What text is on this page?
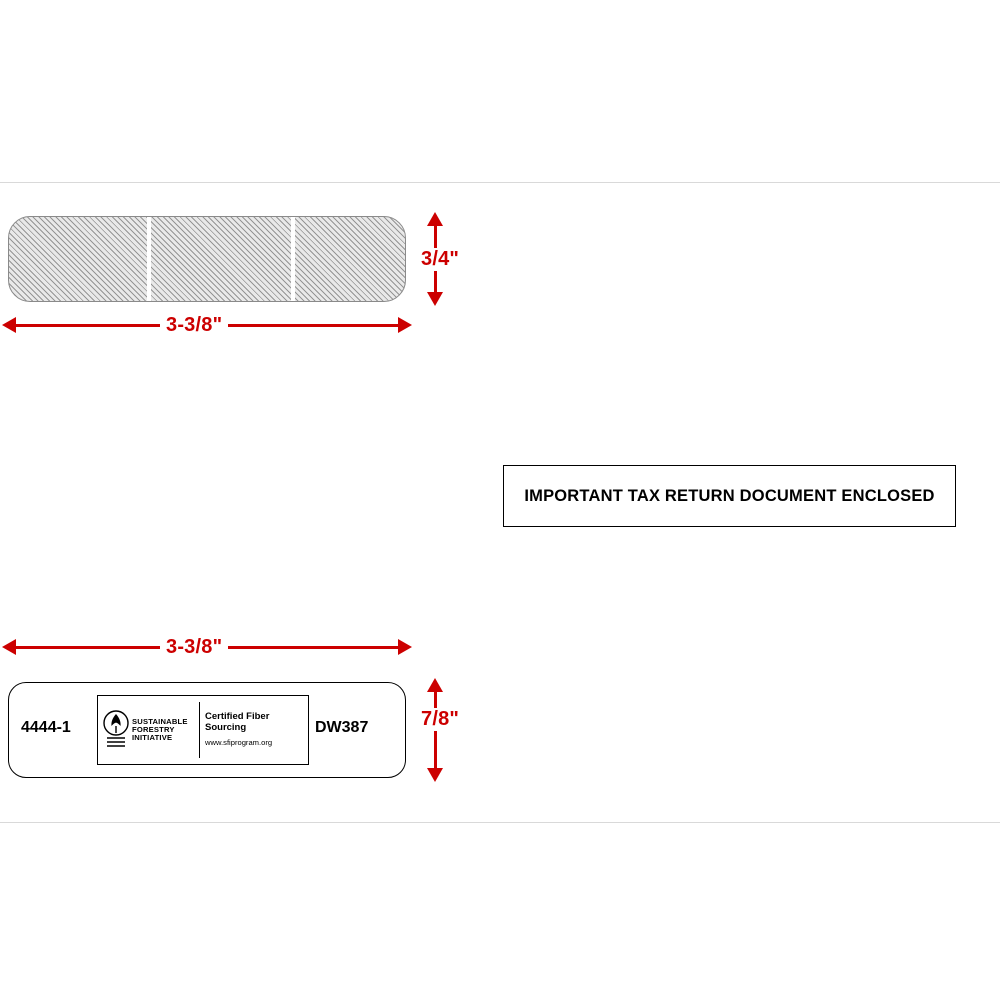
3/4"
3-3/8"
IMPORTANT TAX RETURN DOCUMENT ENCLOSED
3-3/8"
7/8"
4444-1	SUSTAINABLE
FORESTRY
INITIATIVE
Certified Fiber
Sourcing
www.sfiprogram.org
DW387
